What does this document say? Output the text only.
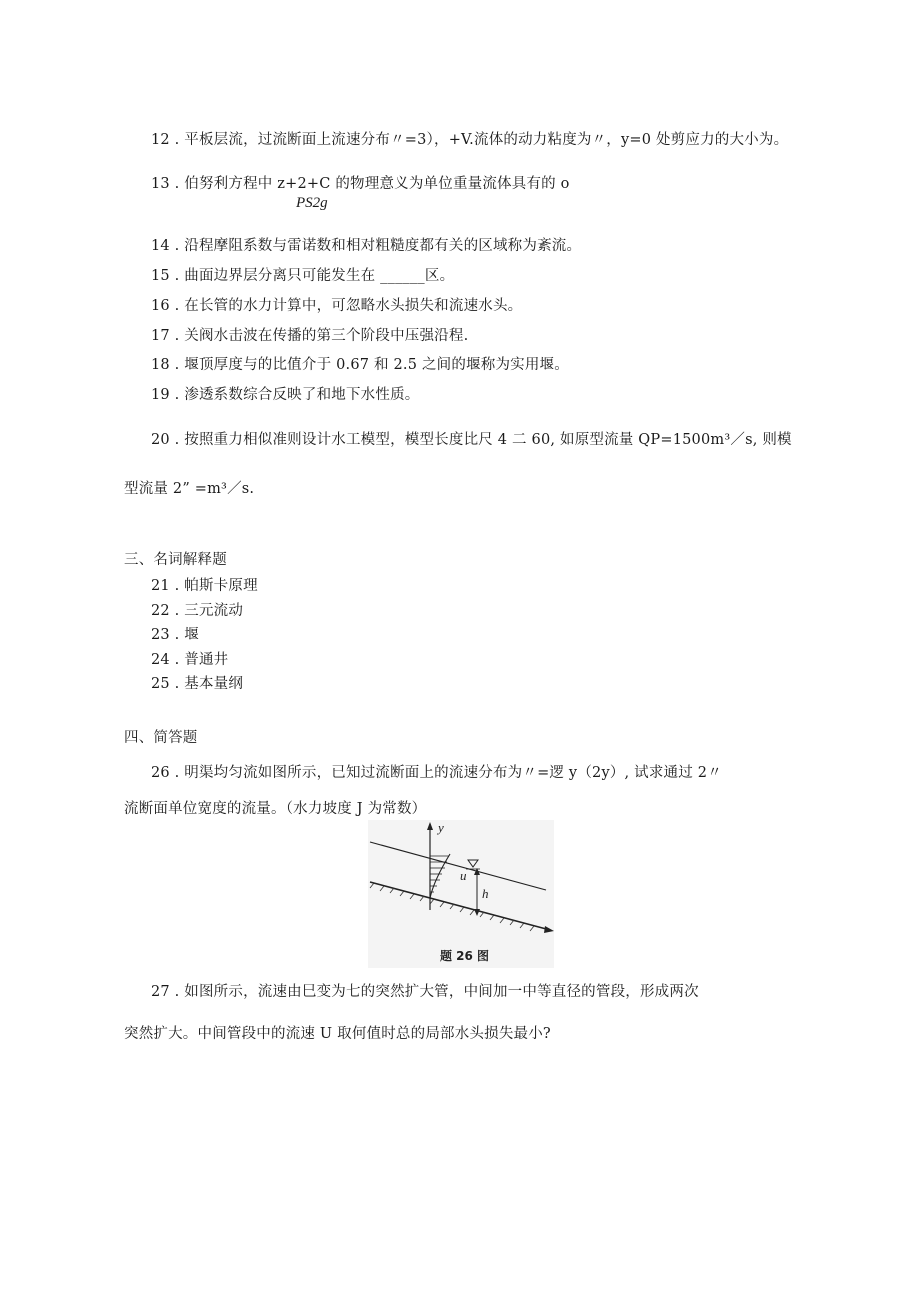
12 . 平板层流，过流断面上流速分布〃=3），+V.流体的动力粘度为〃，y=0 处剪应力的大小为。
13 . 伯努利方程中 z+2+C 的物理意义为单位重量流体具有的 o
PS2g
14 . 沿程摩阻系数与雷诺数和相对粗糙度都有关的区域称为紊流。
15 . 曲面边界层分离只可能发生在 ______区。
16 . 在长管的水力计算中，可忽略水头损失和流速水头。
17 . 关阀水击波在传播的第三个阶段中压强沿程.
18 . 堰顶厚度与的比值介于 0.67 和 2.5 之间的堰称为实用堰。
19 . 渗透系数综合反映了和地下水性质。
20 . 按照重力相似准则设计水工模型，模型长度比尺 4 二 60, 如原型流量 QP=1500m³／s, 则模
型流量 2” =m³／s.
三、名词解释题
21 . 帕斯卡原理
22 . 三元流动
23 . 堰
24 . 普通井
25 . 基本量纲
四、简答题
26 . 明渠均匀流如图所示，已知过流断面上的流速分布为〃=逻 y（2y）, 试求通过 2〃
流断面单位宽度的流量。（水力坡度 J 为常数）
y
u
h
题 26 图
27 . 如图所示，流速由巳变为七的突然扩大管，中间加一中等直径的管段，形成两次
突然扩大。中间管段中的流速 U 取何值时总的局部水头损失最小?
